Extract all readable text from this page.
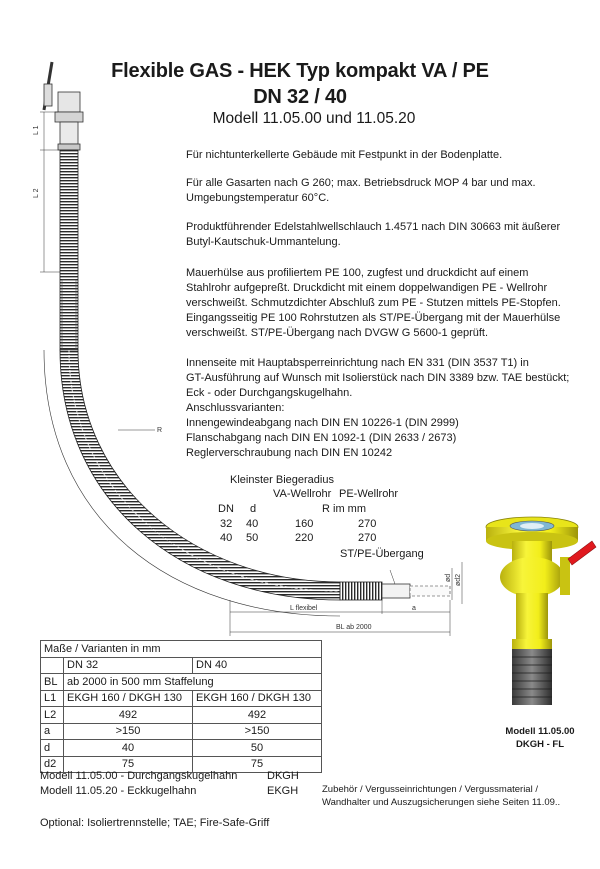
Flexible GAS - HEK Typ kompakt VA / PE
DN 32 / 40
Modell 11.05.00 und 11.05.20
R
L 1
L 2
ød ød2
L flexibel	a
BL ab 2000
ST/PE-Übergang
Für nichtunterkellerte Gebäude mit Festpunkt in der Bodenplatte.
Für alle Gasarten nach G 260; max. Betriebsdruck MOP 4 bar und max.
Umgebungstemperatur 60°C.
Produktführender Edelstahlwellschlauch 1.4571 nach DIN 30663 mit äußerer
Butyl-Kautschuk-Ummantelung.
Mauerhülse aus profiliertem PE 100, zugfest und druckdicht auf einem
Stahlrohr aufgepreßt. Druckdicht mit einem doppelwandigen PE - Wellrohr
verschweißt. Schmutzdichter Abschluß zum PE - Stutzen mittels PE-Stopfen.
Eingangsseitig PE 100 Rohrstutzen als ST/PE-Übergang mit der Mauerhülse
verschweißt. ST/PE-Übergang nach DVGW G 5600-1 geprüft.
Innenseite mit Hauptabsperreinrichtung nach EN 331 (DIN 3537 T1) in
GT-Ausführung auf Wunsch mit Isolierstück nach DIN 3389 bzw. TAE bestückt;
Eck - oder Durchgangskugelhahn.
Anschlussvarianten:
Innengewindeabgang nach DIN EN 10226-1 (DIN 2999)
Flanschabgang nach DIN EN 1092-1 (DIN 2633 / 2673)
Reglerverschraubung nach DIN EN 10242
Kleinster Biegeradius
VA-Wellrohr PE-Wellrohr
DN d	R im mm
32 40	160	270
40 50	220	270
Maße / Varianten in mm		
	DN 32	DN 40
BL	ab 2000 in 500 mm Staffelung	
L1	EKGH 160 / DKGH 130	EKGH 160 / DKGH 130
L2	492	492
a	>150	>150
d	40	50
d2	75	75
Modell 11.05.00
DKGH - FL
Modell 11.05.00 - Durchgangskugelhahn	DKGH
Modell 11.05.20 - Eckkugelhahn	EKGH	Zubehör / Vergusseinrichtungen / Vergussmaterial /
Wandhalter und Auszugsicherungen siehe Seiten 11.09..
Optional: Isoliertrennstelle; TAE; Fire-Safe-Griff
